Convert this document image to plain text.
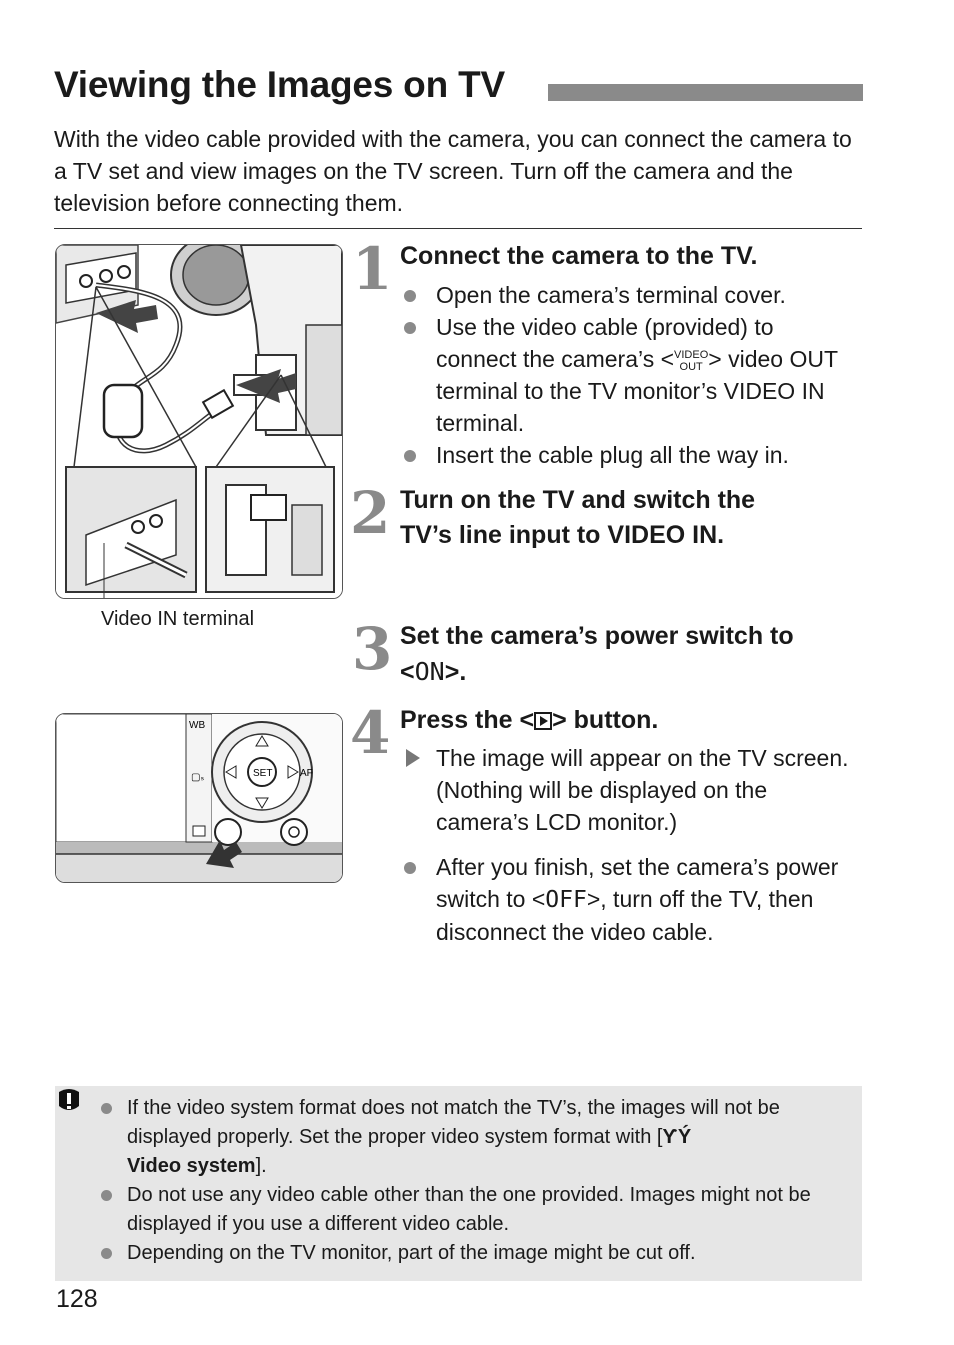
Viewing the Images on TV
With the video cable provided with the camera, you can connect the camera to a TV set and view images on the TV screen. Turn off the camera and the television before connecting them.
Video IN terminal
1 Connect the camera to the TV.
Open the camera’s terminal cover.
Use the video cable (provided) to connect the camera’s <VIDEO
OUT > video OUT terminal to the TV monitor’s VIDEO IN terminal.
Insert the cable plug all the way in.
2 Turn on the TV and switch the
TV’s line input to VIDEO IN.
3 Set the camera’s power switch to
<ON>.
WB
▢ₛ	SET	AF
4 Press the < > button.
The image will appear on the TV screen. (Nothing will be displayed on the camera’s LCD monitor.)
After you finish, set the camera’s power switch to <OFF>, turn off the TV, then disconnect the video cable.
If the video system format does not match the TV’s, the images will not be displayed properly. Set the proper video system format with [ƳÝ
Video system].
Do not use any video cable other than the one provided. Images might not be displayed if you use a different video cable.
Depending on the TV monitor, part of the image might be cut off.
128
